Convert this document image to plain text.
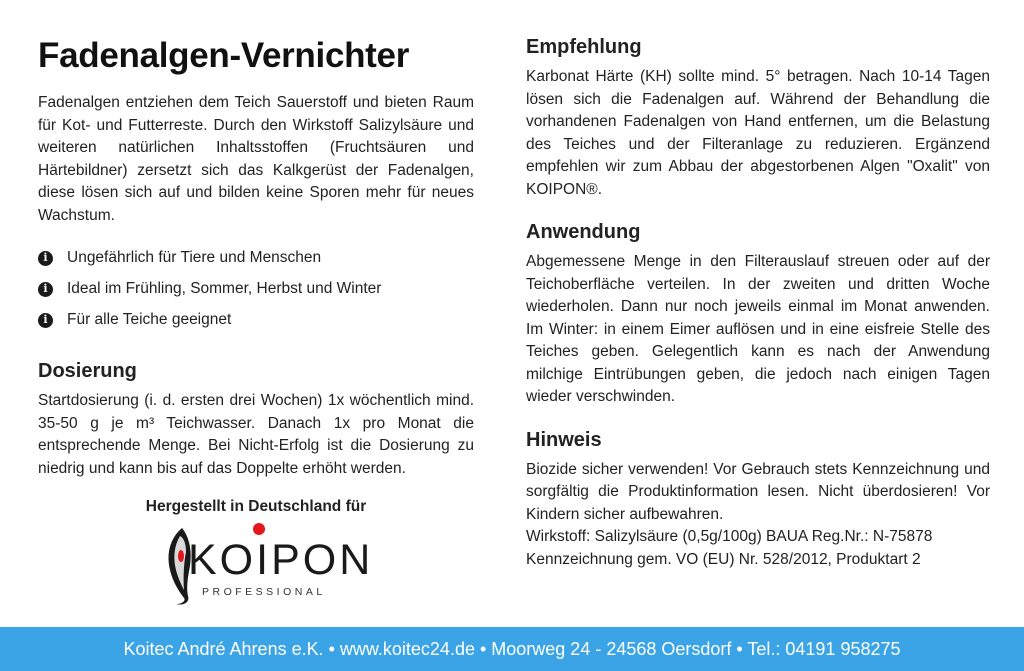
Fadenalgen-Vernichter

Fadenalgen entziehen dem Teich Sauerstoff und bieten Raum für Kot- und Futterreste. Durch den Wirkstoff Salizylsäure und weiteren natürlichen Inhaltsstoffen (Fruchtsäuren und Härtebildner) zersetzt sich das Kalkgerüst der Fadenalgen, diese lösen sich auf und bilden keine Sporen mehr für neues Wachstum.

i	Ungefährlich für Tiere und Menschen
i	Ideal im Frühling, Sommer, Herbst und Winter
i	Für alle Teiche geeignet
Dosierung

Startdosierung (i. d. ersten drei Wochen) 1x wöchentlich mind. 35-50 g je m³ Teichwasser. Danach 1x pro Monat die entsprechende Menge. Bei Nicht-Erfolg ist die Dosierung zu niedrig und kann bis auf das Doppelte erhöht werden.

Hergestellt in Deutschland für
KOIPON
PROFESSIONAL
Empfehlung

Karbonat Härte (KH) sollte mind. 5° betragen. Nach 10-14 Tagen lösen sich die Fadenalgen auf. Während der Behandlung die vorhandenen Fadenalgen von Hand entfernen, um die Belastung des Teiches und der Filteranlage zu reduzieren. Ergänzend empfehlen wir zum Abbau der abgestorbenen Algen "Oxalit" von KOIPON®.

Anwendung

Abgemessene Menge in den Filterauslauf streuen oder auf der Teichoberfläche verteilen. In der zweiten und dritten Woche wiederholen. Dann nur noch jeweils einmal im Monat anwenden. Im Winter: in einem Eimer auflösen und in eine eisfreie Stelle des Teiches geben. Gelegentlich kann es nach der Anwendung milchige Eintrübungen geben, die jedoch nach einigen Tagen wieder verschwinden.

Hinweis

Biozide sicher verwenden! Vor Gebrauch stets Kennzeichnung und sorgfältig die Produktinformation lesen. Nicht überdosieren! Vor Kindern sicher aufbewahren.

Wirkstoff: Salizylsäure (0,5g/100g) BAUA Reg.Nr.: N-75878

Kennzeichnung gem. VO (EU) Nr. 528/2012, Produktart 2

Koitec André Ahrens e.K. • www.koitec24.de • Moorweg 24 - 24568 Oersdorf • Tel.: 04191 958275
